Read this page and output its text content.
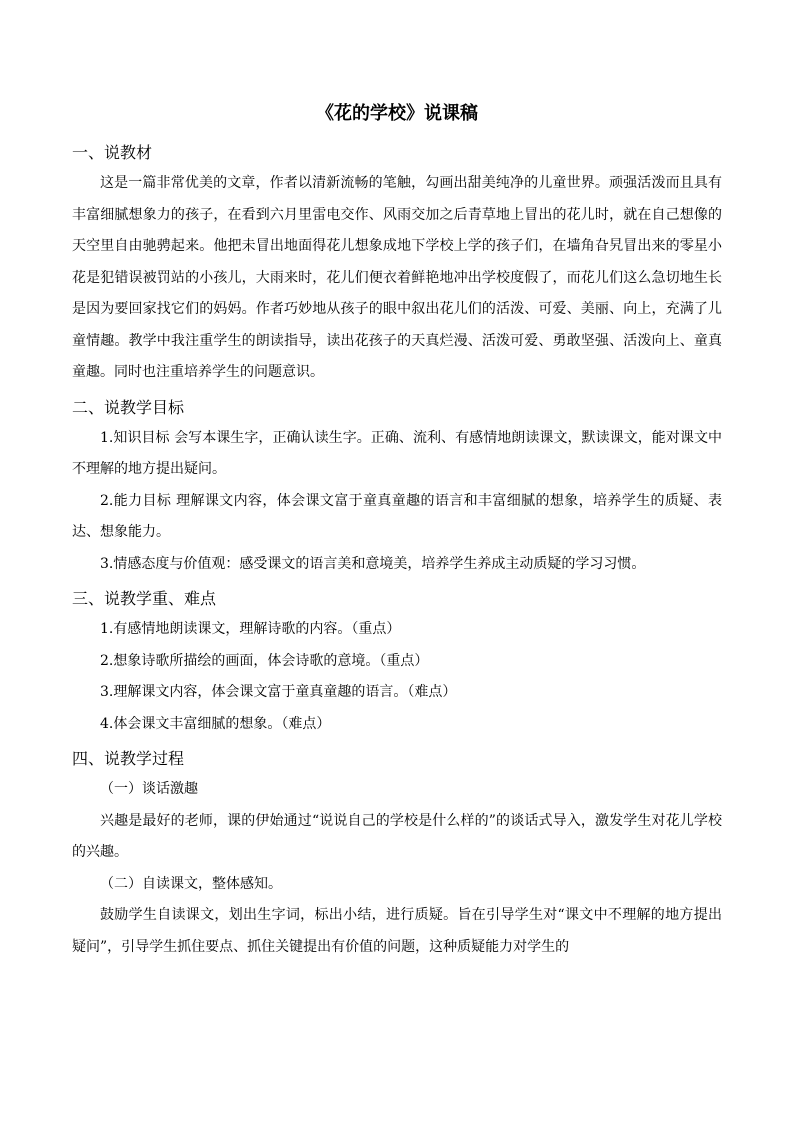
《花的学校》说课稿
一、说教材

这是一篇非常优美的文章，作者以清新流畅的笔触，勾画出甜美纯净的儿童世界。顽强活泼而且具有丰富细腻想象力的孩子，在看到六月里雷电交作、风雨交加之后青草地上冒出的花儿时，就在自己想像的天空里自由驰骋起来。他把未冒出地面得花儿想象成地下学校上学的孩子们，在墙角旮旯冒出来的零星小花是犯错误被罚站的小孩儿，大雨来时，花儿们便衣着鲜艳地冲出学校度假了，而花儿们这么急切地生长是因为要回家找它们的妈妈。作者巧妙地从孩子的眼中叙出花儿们的活泼、可爱、美丽、向上，充满了儿童情趣。教学中我注重学生的朗读指导，读出花孩子的天真烂漫、活泼可爱、勇敢坚强、活泼向上、童真童趣。同时也注重培养学生的问题意识。

二、说教学目标

1.知识目标 会写本课生字，正确认读生字。正确、流利、有感情地朗读课文，默读课文，能对课文中不理解的地方提出疑问。

2.能力目标 理解课文内容，体会课文富于童真童趣的语言和丰富细腻的想象，培养学生的质疑、表达、想象能力。

3.情感态度与价值观：感受课文的语言美和意境美，培养学生养成主动质疑的学习习惯。

三、说教学重、难点

1.有感情地朗读课文，理解诗歌的内容。（重点）

2.想象诗歌所描绘的画面，体会诗歌的意境。（重点）

3.理解课文内容，体会课文富于童真童趣的语言。（难点）

4.体会课文丰富细腻的想象。（难点）

四、说教学过程

（一）谈话激趣

兴趣是最好的老师，课的伊始通过“说说自己的学校是什么样的”的谈话式导入，激发学生对花儿学校的兴趣。

（二）自读课文，整体感知。

鼓励学生自读课文，划出生字词，标出小结，进行质疑。旨在引导学生对“课文中不理解的地方提出疑问”，引导学生抓住要点、抓住关键提出有价值的问题，这种质疑能力对学生的
